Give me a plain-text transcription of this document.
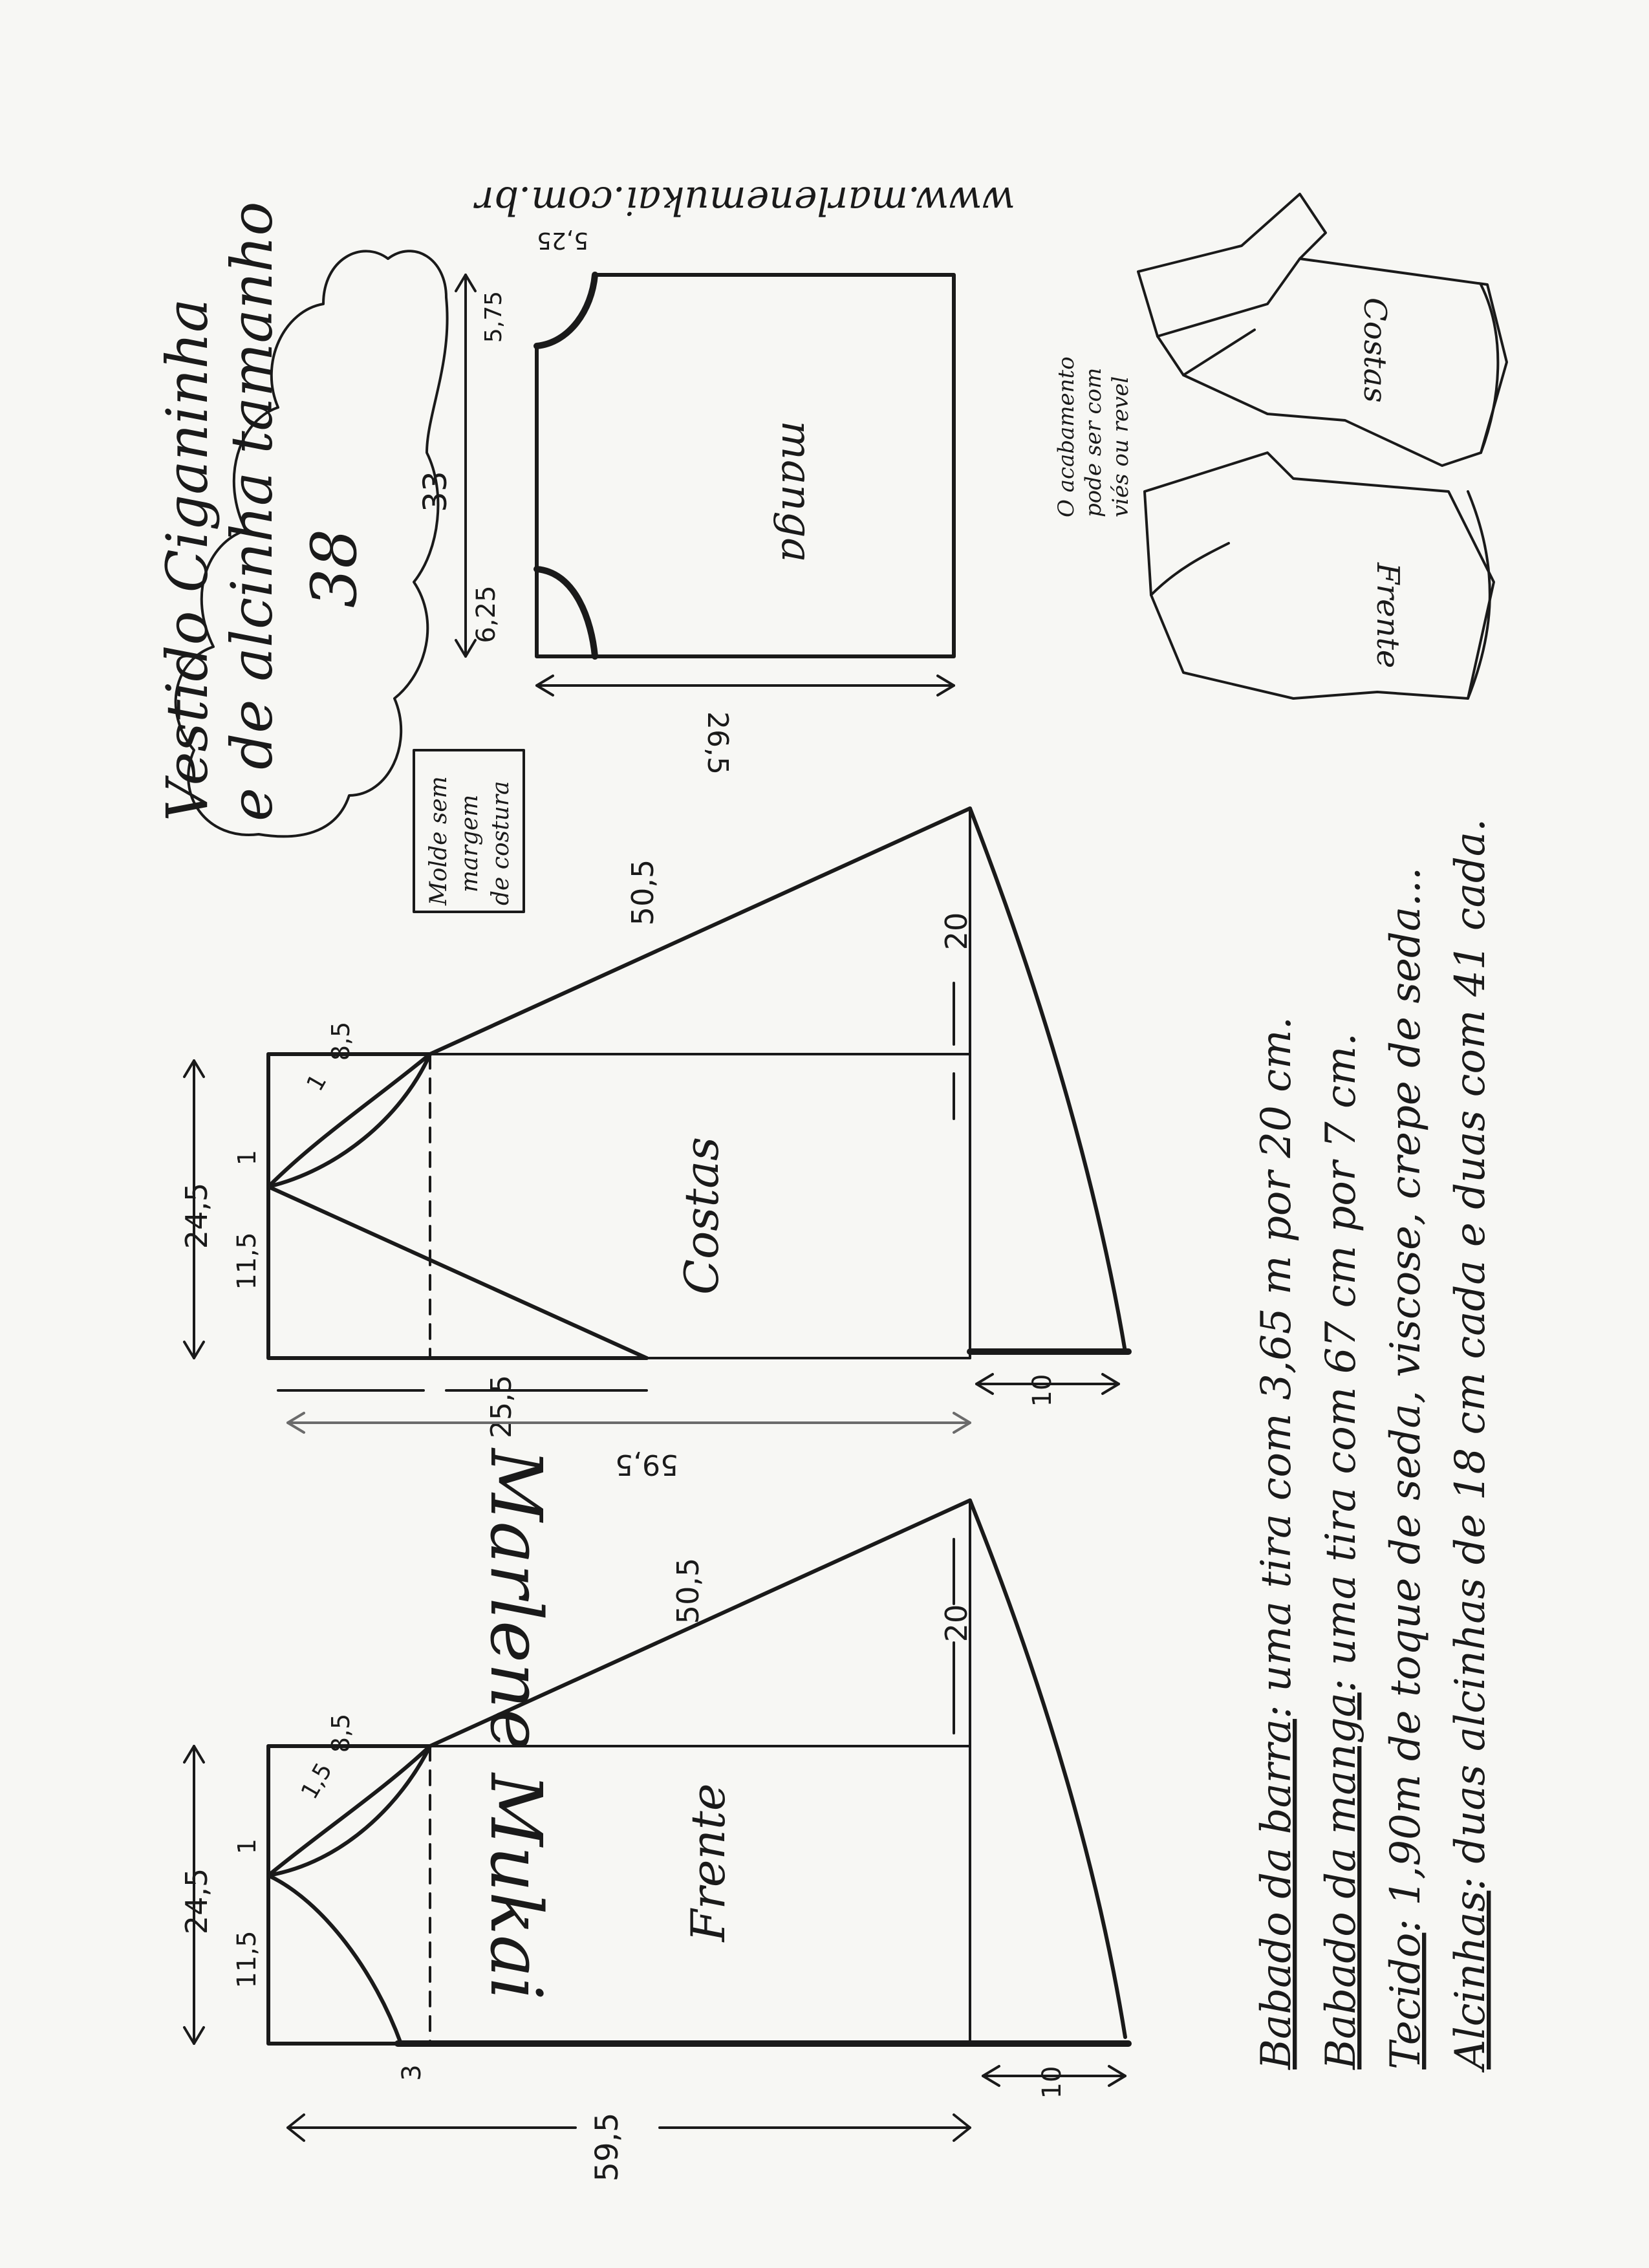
Vestido Ciganinha
e de alcinha tamanho 38
www.marlenemukai.com.br
manga
26,5
33
5,75
5,25
6,25
Molde sem margem de costura
Costas
24,5
11,5
1
8,5
1
50,5
20
10
25,5
59,5
Marlene Mukai	Frente
24,5
11,5
1
8,5
1,5
50,5	20
10
3
59,5
Costas
Frente
O acabamento pode ser com viés ou revel
Babado da barra: uma tira com 3,65 m por 20 cm.
Babado da manga: uma tira com 67 cm por 7 cm.
Tecido: 1,90m de toque de seda, viscose, crepe de seda...
Alcinhas: duas alcinhas de 18 cm cada e duas com 41 cada.
